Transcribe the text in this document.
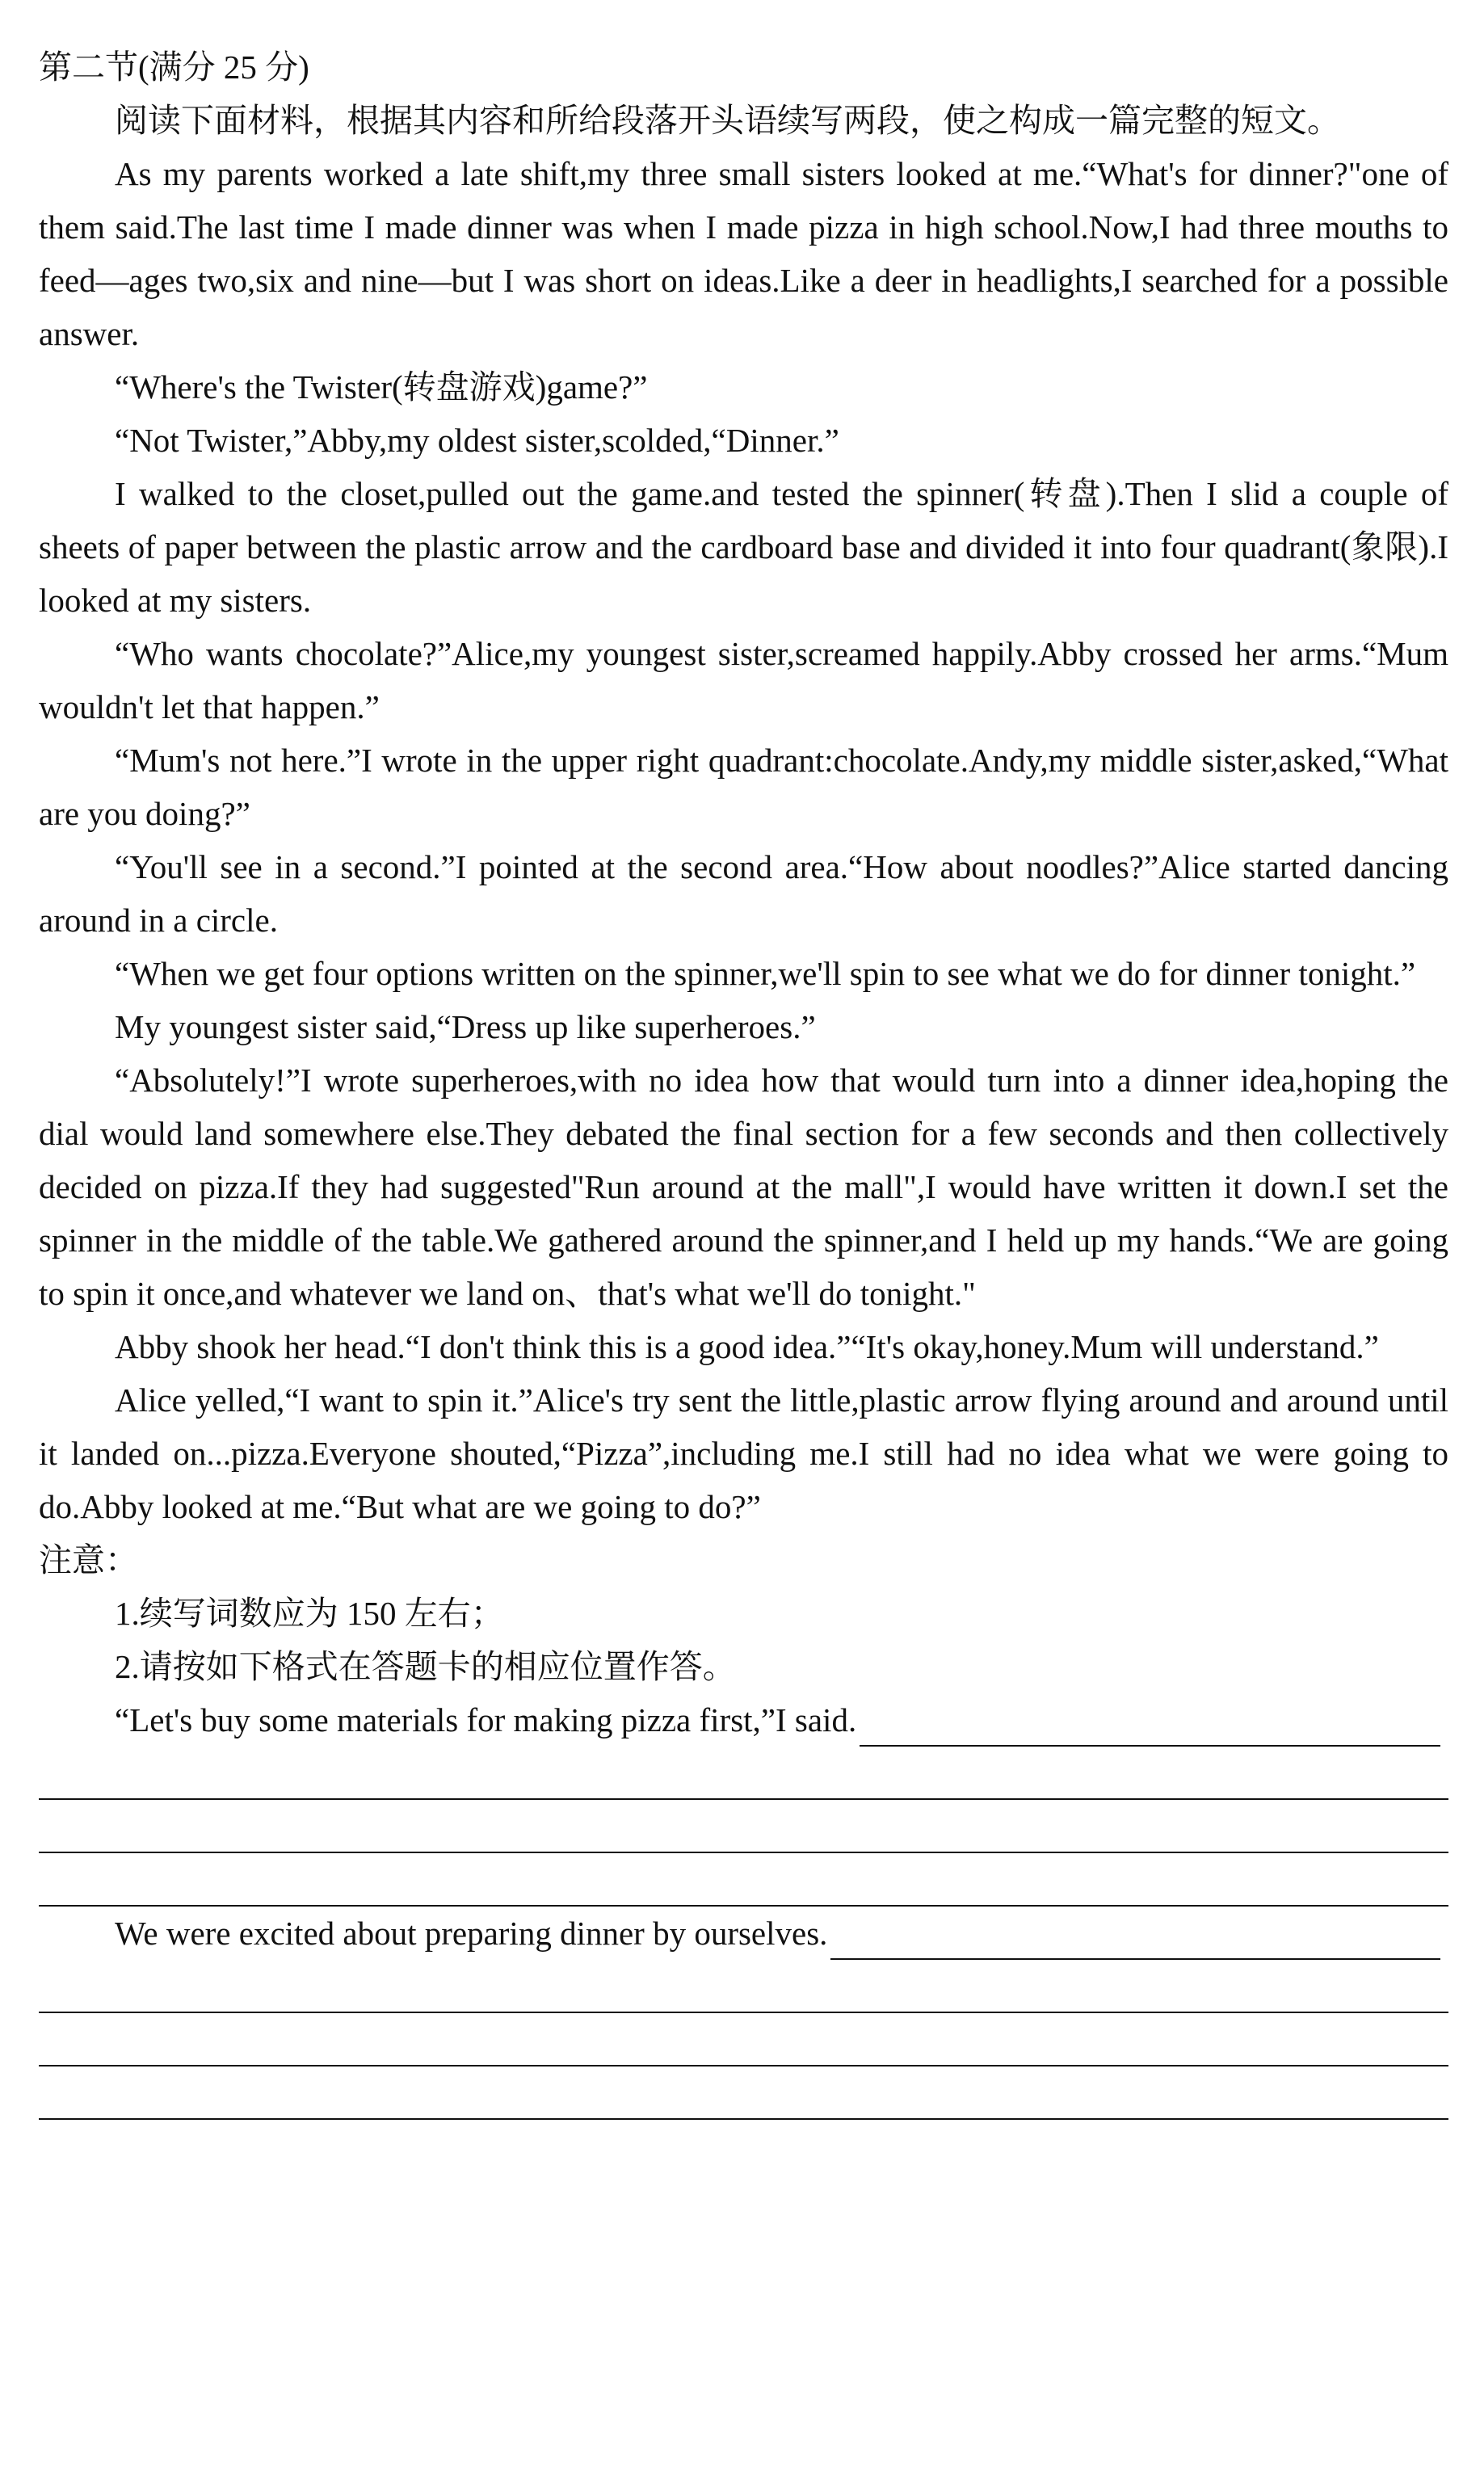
第二节(满分 25 分)

阅读下面材料，根据其内容和所给段落开头语续写两段，使之构成一篇完整的短文。

As my parents worked a late shift,my three small sisters looked at me.“What's for dinner?"one of them said.The last time I made dinner was when I made pizza in high school.Now,I had three mouths to feed—ages two,six and nine—but I was short on ideas.Like a deer in headlights,I searched for a possible answer.

“Where's the Twister(转盘游戏)game?”

“Not Twister,”Abby,my oldest sister,scolded,“Dinner.”

I walked to the closet,pulled out the game.and tested the spinner(转盘).Then I slid a couple of sheets of paper between the plastic arrow and the cardboard base and divided it into four quadrant(象限).I looked at my sisters.

“Who wants chocolate?”Alice,my youngest sister,screamed happily.Abby crossed her arms.“Mum wouldn't let that happen.”

“Mum's not here.”I wrote in the upper right quadrant:chocolate.Andy,my middle sister,asked,“What are you doing?”

“You'll see in a second.”I pointed at the second area.“How about noodles?”Alice started dancing around in a circle.

“When we get four options written on the spinner,we'll spin to see what we do for dinner tonight.”

My youngest sister said,“Dress up like superheroes.”

“Absolutely!”I wrote superheroes,with no idea how that would turn into a dinner idea,hoping the dial would land somewhere else.They debated the final section for a few seconds and then collectively decided on pizza.If they had suggested"Run around at the mall",I would have written it down.I set the spinner in the middle of the table.We gathered around the spinner,and I held up my hands.“We are going to spin it once,and whatever we land on、that's what we'll do tonight."

Abby shook her head.“I don't think this is a good idea.”“It's okay,honey.Mum will understand.”

Alice yelled,“I want to spin it.”Alice's try sent the little,plastic arrow flying around and around until it landed on...pizza.Everyone shouted,“Pizza”,including me.I still had no idea what we were going to do.Abby looked at me.“But what are we going to do?”

注意：

1.续写词数应为 150 左右；

2.请按如下格式在答题卡的相应位置作答。

“Let's buy some materials for making pizza first,”I said.
We were excited about preparing dinner by ourselves.
